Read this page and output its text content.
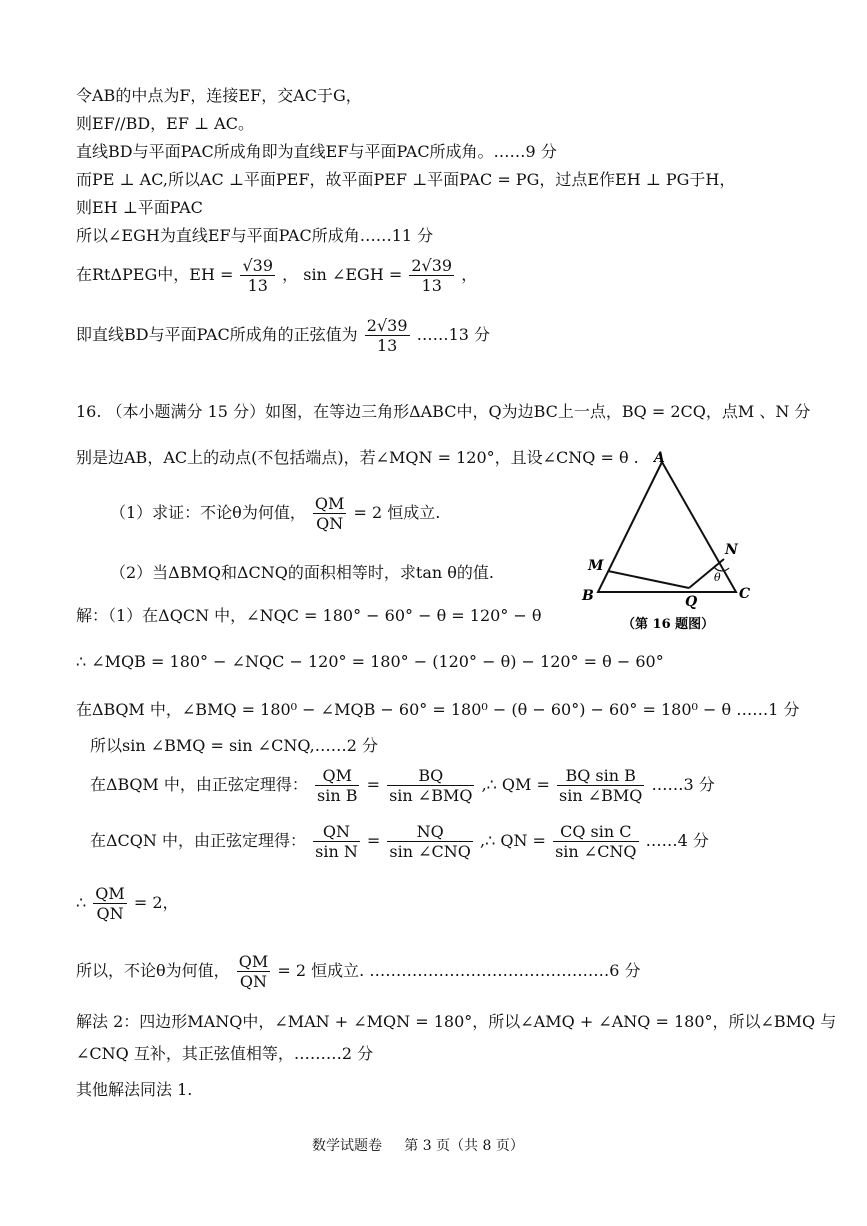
令AB的中点为F，连接EF，交AC于G，
则EF//BD，EF ⊥ AC。
直线BD与平面PAC所成角即为直线EF与平面PAC所成角。……9 分
而PE ⊥ AC,所以AC ⊥平面PEF，故平面PEF ⊥平面PAC = PG，过点E作EH ⊥ PG于H，
则EH ⊥平面PAC
所以∠EGH为直线EF与平面PAC所成角……11 分
在RtΔPEG中，EH = $\frac{√39}{13}$ ， sin ∠EGH = $\frac{2√39}{13}$ ，
即直线BD与平面PAC所成角的正弦值为 $\frac{2√39}{13}$ ……13 分
16. （本小题满分 15 分）如图，在等边三角形ΔABC中，Q为边BC上一点，BQ = 2CQ，点M 、N 分
别是边AB，AC上的动点(不包括端点)，若∠MQN = 120°，且设∠CNQ = θ .
（1）求证：不论θ为何值， $\frac{QM}{QN} = 2$ 恒成立.
（2）当ΔBMQ和ΔCNQ的面积相等时，求tan θ的值.
A
B	C
M
N
Q
θ
（第 16 题图）
解：（1）在ΔQCN 中，∠NQC = 180° − 60° − θ = 120° − θ
∴ ∠MQB = 180° − ∠NQC − 120° = 180° − (120° − θ) − 120° = θ − 60°
在ΔBQM 中，∠BMQ = 180⁰ − ∠MQB − 60° = 180⁰ − (θ − 60°) − 60° = 180⁰ − θ ……1 分
所以sin ∠BMQ = sin ∠CNQ,……2 分
在ΔBQM 中，由正弦定理得： $\frac{QM}{\text{sin B}} = \frac{BQ}{\text{sin ∠BMQ}}$ ,∴ QM = $\frac{\text{BQ sin B}}{\text{sin ∠BMQ}}$ ……3 分
在ΔCQN 中，由正弦定理得： $\frac{QN}{\text{sin N}} = \frac{NQ}{\text{sin ∠CNQ}}$ ,∴ QN = $\frac{\text{CQ sin C}}{\text{sin ∠CNQ}}$ ……4 分
∴ $\frac{QM}{QN} = 2$，
所以，不论θ为何值， $\frac{QM}{QN} = 2$ 恒成立. ………………………………………6 分
解法 2：四边形MANQ中，∠MAN + ∠MQN = 180°，所以∠AMQ + ∠ANQ = 180°，所以∠BMQ 与
∠CNQ 互补，其正弦值相等，………2 分
其他解法同法 1.
数学试题卷     第 3 页（共 8 页）
